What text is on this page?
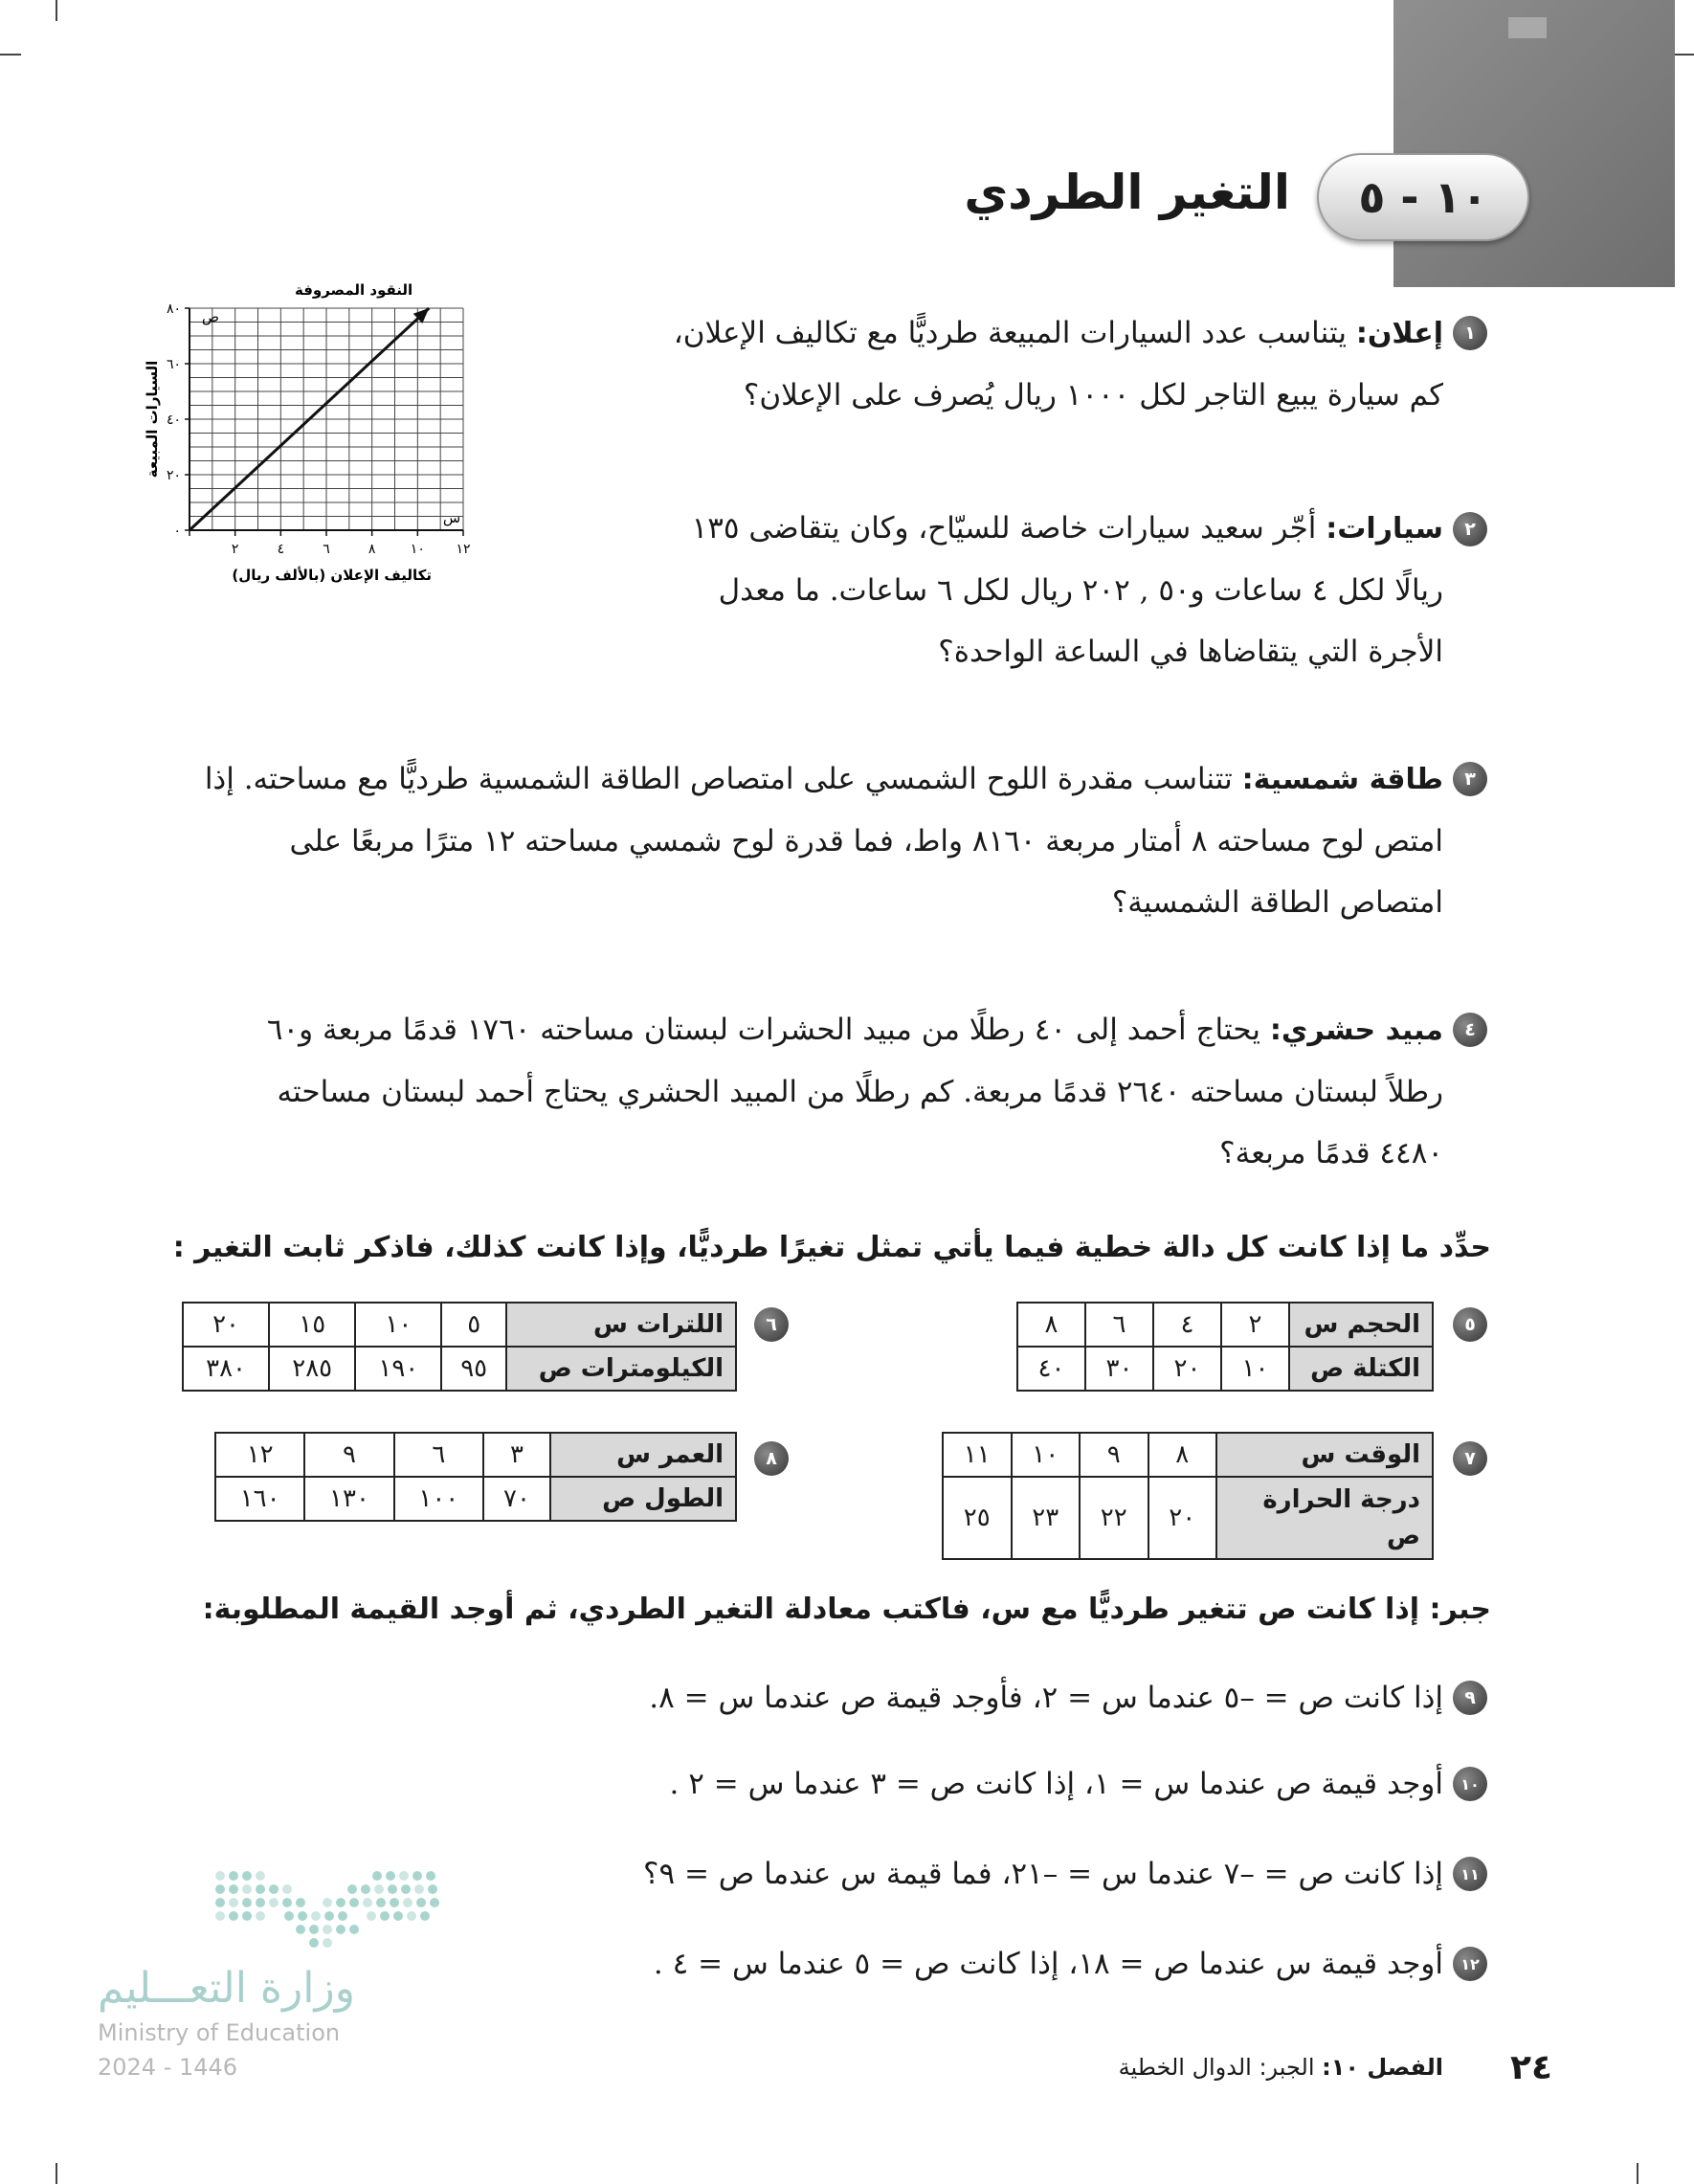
١٠ - ٥
التغير الطردي
٢	٤	٦	٨	١٠ ١٢
٠
٢٠
٤٠
٦٠
٨٠ ص
س
النقود المصروفة
تكاليف الإعلان (بالألف ريال)
السيارات المبيعة
١
إعلان: يتناسب عدد السيارات المبيعة طرديًّا مع تكاليف الإعلان،
كم سيارة يبيع التاجر لكل ١٠٠٠ ريال يُصرف على الإعلان؟
٢
سيارات: أجّر سعيد سيارات خاصة للسيّاح، وكان يتقاضى ١٣٥
ريالًا لكل ٤ ساعات و٥٠ , ٢٠٢ ريال لكل ٦ ساعات. ما معدل
الأجرة التي يتقاضاها في الساعة الواحدة؟
٣
طاقة شمسية: تتناسب مقدرة اللوح الشمسي على امتصاص الطاقة الشمسية طرديًّا مع مساحته. إذا
امتص لوح مساحته ٨ أمتار مربعة ٨١٦٠ واط، فما قدرة لوح شمسي مساحته ١٢ مترًا مربعًا على
امتصاص الطاقة الشمسية؟
٤
مبيد حشري: يحتاج أحمد إلى ٤٠ رطلًا من مبيد الحشرات لبستان مساحته ١٧٦٠ قدمًا مربعة و٦٠
رطلاً لبستان مساحته ٢٦٤٠ قدمًا مربعة. كم رطلًا من المبيد الحشري يحتاج أحمد لبستان مساحته
٤٤٨٠ قدمًا مربعة؟
حدِّد ما إذا كانت كل دالة خطية فيما يأتي تمثل تغيرًا طرديًّا، وإذا كانت كذلك، فاذكر ثابت التغير :
٥
الحجم س	٢	٤	٦	٨
الكتلة ص	١٠	٢٠	٣٠	٤٠
٦
اللترات س	٥	١٠	١٥	٢٠
الكيلومترات ص	٩٥	١٩٠	٢٨٥	٣٨٠
٧
الوقت س	٨	٩	١٠	١١
درجة الحرارة ص	٢٠	٢٢	٢٣	٢٥
٨
العمر س	٣	٦	٩	١٢
الطول ص	٧٠	١٠٠	١٣٠	١٦٠
جبر: إذا كانت ص تتغير طرديًّا مع س، فاكتب معادلة التغير الطردي، ثم أوجد القيمة المطلوبة:
٩
إذا كانت ص = –٥ عندما س = ٢، فأوجد قيمة ص عندما س = ٨.
١٠
أوجد قيمة ص عندما س = ١، إذا كانت ص = ٣ عندما س = ٢ .
١١
إذا كانت ص = –٧ عندما س = –٢١، فما قيمة س عندما ص = ٩؟
١٢
أوجد قيمة س عندما ص = ١٨، إذا كانت ص = ٥ عندما س = ٤ .
وزارة التعـــليم
Ministry of Education
2024 - 1446	الفصل ١٠: الجبر: الدوال الخطية	٢٤
